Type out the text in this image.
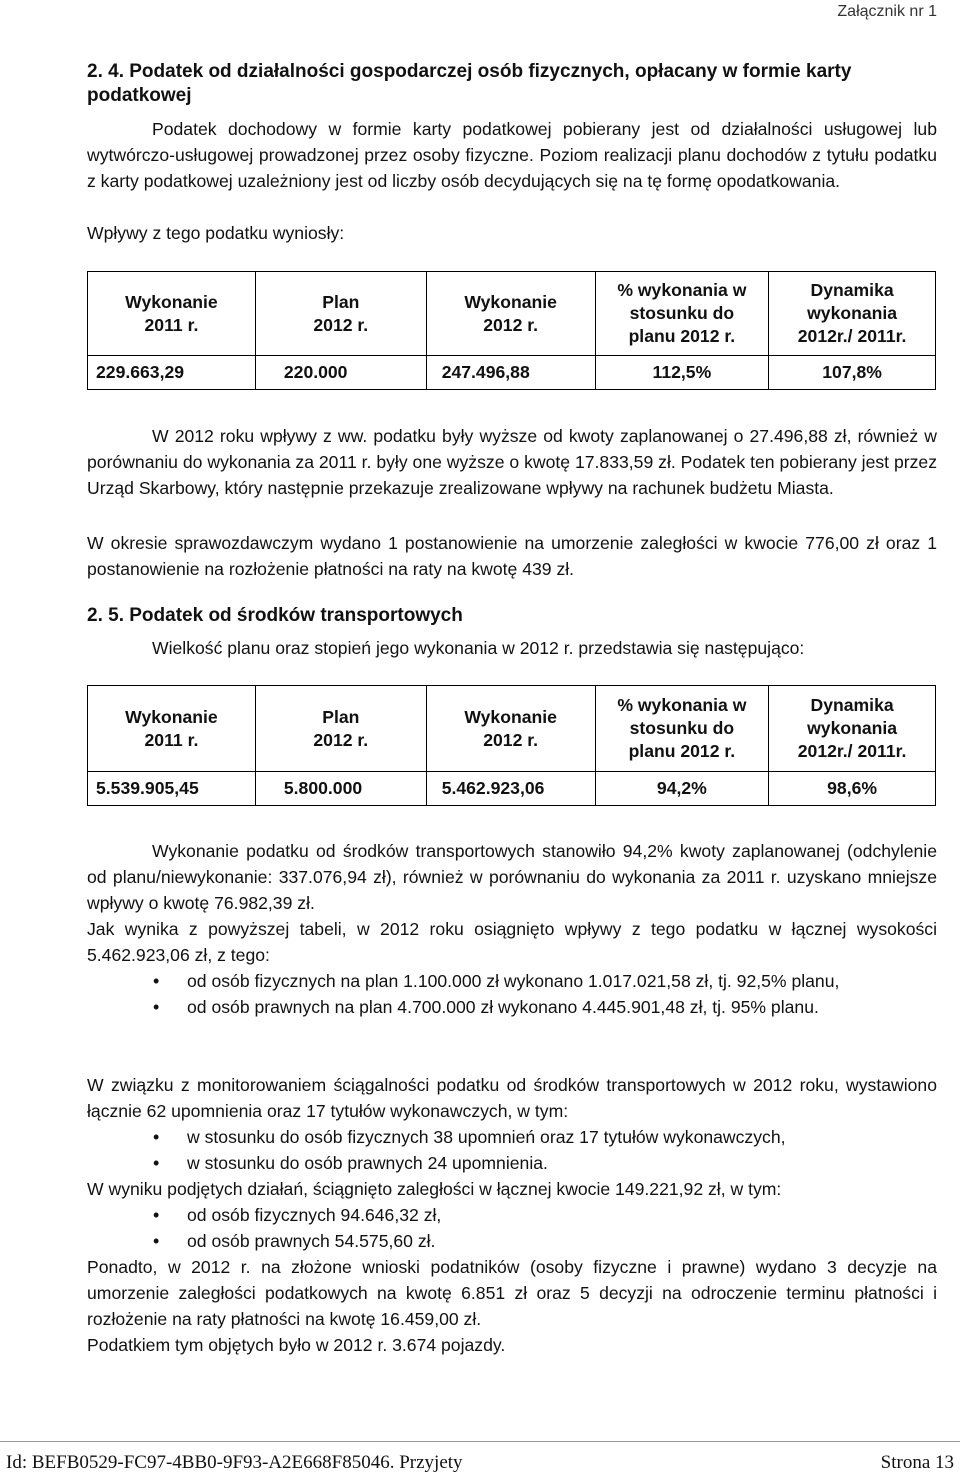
Załącznik nr 1
2. 4. Podatek od działalności gospodarczej osób fizycznych, opłacany w formie karty
podatkowej
Podatek dochodowy w formie karty podatkowej pobierany jest od działalności usługowej lub wytwórczo-usługowej prowadzonej przez osoby fizyczne. Poziom realizacji planu dochodów z tytułu podatku z karty podatkowej uzależniony jest od liczby osób decydujących się na tę formę opodatkowania.
Wpływy z tego podatku wyniosły:
Wykonanie 2011 r.	Plan 2012 r.	Wykonanie 2012 r.	% wykonania w stosunku do planu 2012 r.	Dynamika wykonania 2012r./ 2011r.
229.663,29	220.000	247.496,88	112,5%	107,8%
W 2012 roku wpływy z ww. podatku były wyższe od kwoty zaplanowanej o 27.496,88 zł, również w porównaniu do wykonania za 2011 r. były one wyższe o kwotę 17.833,59 zł. Podatek ten pobierany jest przez Urząd Skarbowy, który następnie przekazuje zrealizowane wpływy na rachunek budżetu Miasta.
W okresie sprawozdawczym wydano 1 postanowienie na umorzenie zaległości w kwocie 776,00 zł oraz 1 postanowienie na rozłożenie płatności na raty na kwotę 439 zł.
2. 5. Podatek od środków transportowych
Wielkość planu oraz stopień jego wykonania w 2012 r. przedstawia się następująco:
Wykonanie 2011 r.	Plan 2012 r.	Wykonanie 2012 r.	% wykonania w stosunku do planu 2012 r.	Dynamika wykonania 2012r./ 2011r.
5.539.905,45	5.800.000	5.462.923,06	94,2%	98,6%
Wykonanie podatku od środków transportowych stanowiło 94,2% kwoty zaplanowanej (odchylenie od planu/niewykonanie: 337.076,94 zł), również w porównaniu do wykonania za 2011 r. uzyskano mniejsze wpływy o kwotę 76.982,39 zł.
Jak wynika z powyższej tabeli, w 2012 roku osiągnięto wpływy z tego podatku w łącznej wysokości 5.462.923,06 zł, z tego:
• od osób fizycznych na plan 1.100.000 zł wykonano 1.017.021,58 zł, tj. 92,5% planu,
• od osób prawnych na plan 4.700.000 zł wykonano 4.445.901,48 zł, tj. 95% planu.
W związku z monitorowaniem ściągalności podatku od środków transportowych w 2012 roku, wystawiono łącznie 62 upomnienia oraz 17 tytułów wykonawczych, w tym:
• w stosunku do osób fizycznych 38 upomnień oraz 17 tytułów wykonawczych,
• w stosunku do osób prawnych 24 upomnienia.
W wyniku podjętych działań, ściągnięto zaległości w łącznej kwocie 149.221,92 zł, w tym:
• od osób fizycznych 94.646,32 zł,
• od osób prawnych 54.575,60 zł.
Ponadto, w 2012 r. na złożone wnioski podatników (osoby fizyczne i prawne) wydano 3 decyzje na umorzenie zaległości podatkowych na kwotę 6.851 zł oraz 5 decyzji na odroczenie terminu płatności i rozłożenie na raty płatności na kwotę 16.459,00 zł.
Podatkiem tym objętych było w 2012 r. 3.674 pojazdy.
Id: BEFB0529-FC97-4BB0-9F93-A2E668F85046. Przyjety	Strona 13
